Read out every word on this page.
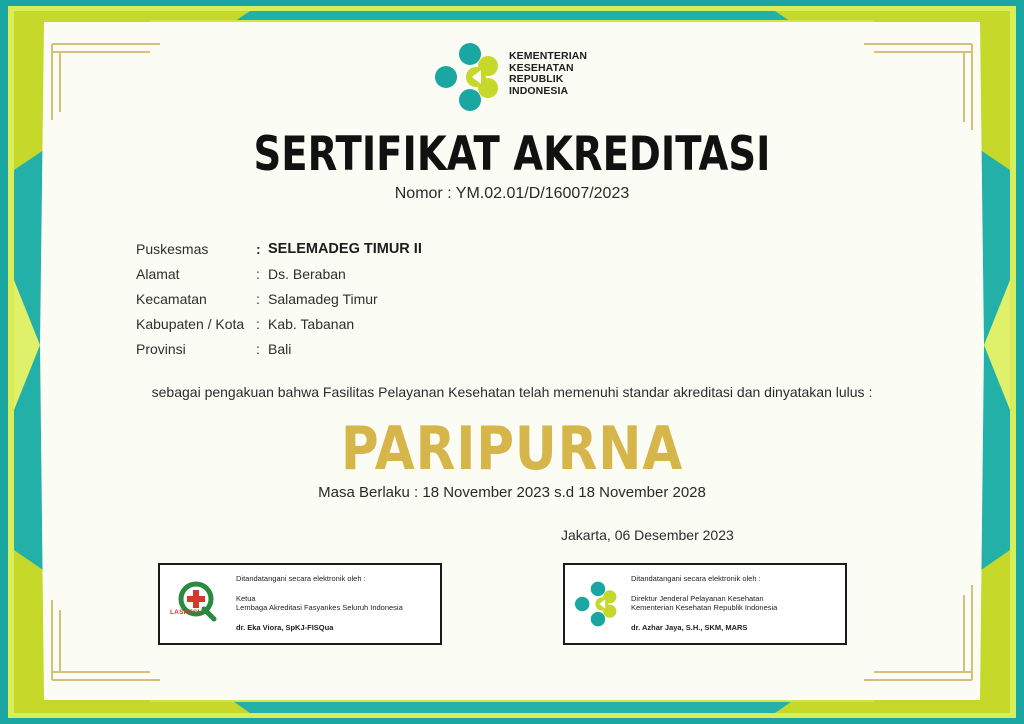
KEMENTERIAN
KESEHATAN
REPUBLIK
INDONESIA
SERTIFIKAT AKREDITASI
Nomor : YM.02.01/D/16007/2023
Puskesmas	: SELEMADEG TIMUR II
Alamat	: Ds. Beraban
Kecamatan	: Salamadeg Timur
Kabupaten / Kota : Kab. Tabanan
Provinsi	: Bali
sebagai pengakuan bahwa Fasilitas Pelayanan Kesehatan telah memenuhi standar akreditasi dan dinyatakan lulus :
PARIPURNA
Masa Berlaku : 18 November 2023 s.d 18 November 2028
Jakarta, 06 Desember 2023
LASKESI
Ditandatangani secara elektronik oleh :
Ketua
Lembaga Akreditasi Fasyankes Seluruh Indonesia
dr. Eka Viora, SpKJ-FISQua
Ditandatangani secara elektronik oleh :
Direktur Jenderal Pelayanan Kesehatan
Kementerian Kesehatan Republik Indonesia
dr. Azhar Jaya, S.H., SKM, MARS
